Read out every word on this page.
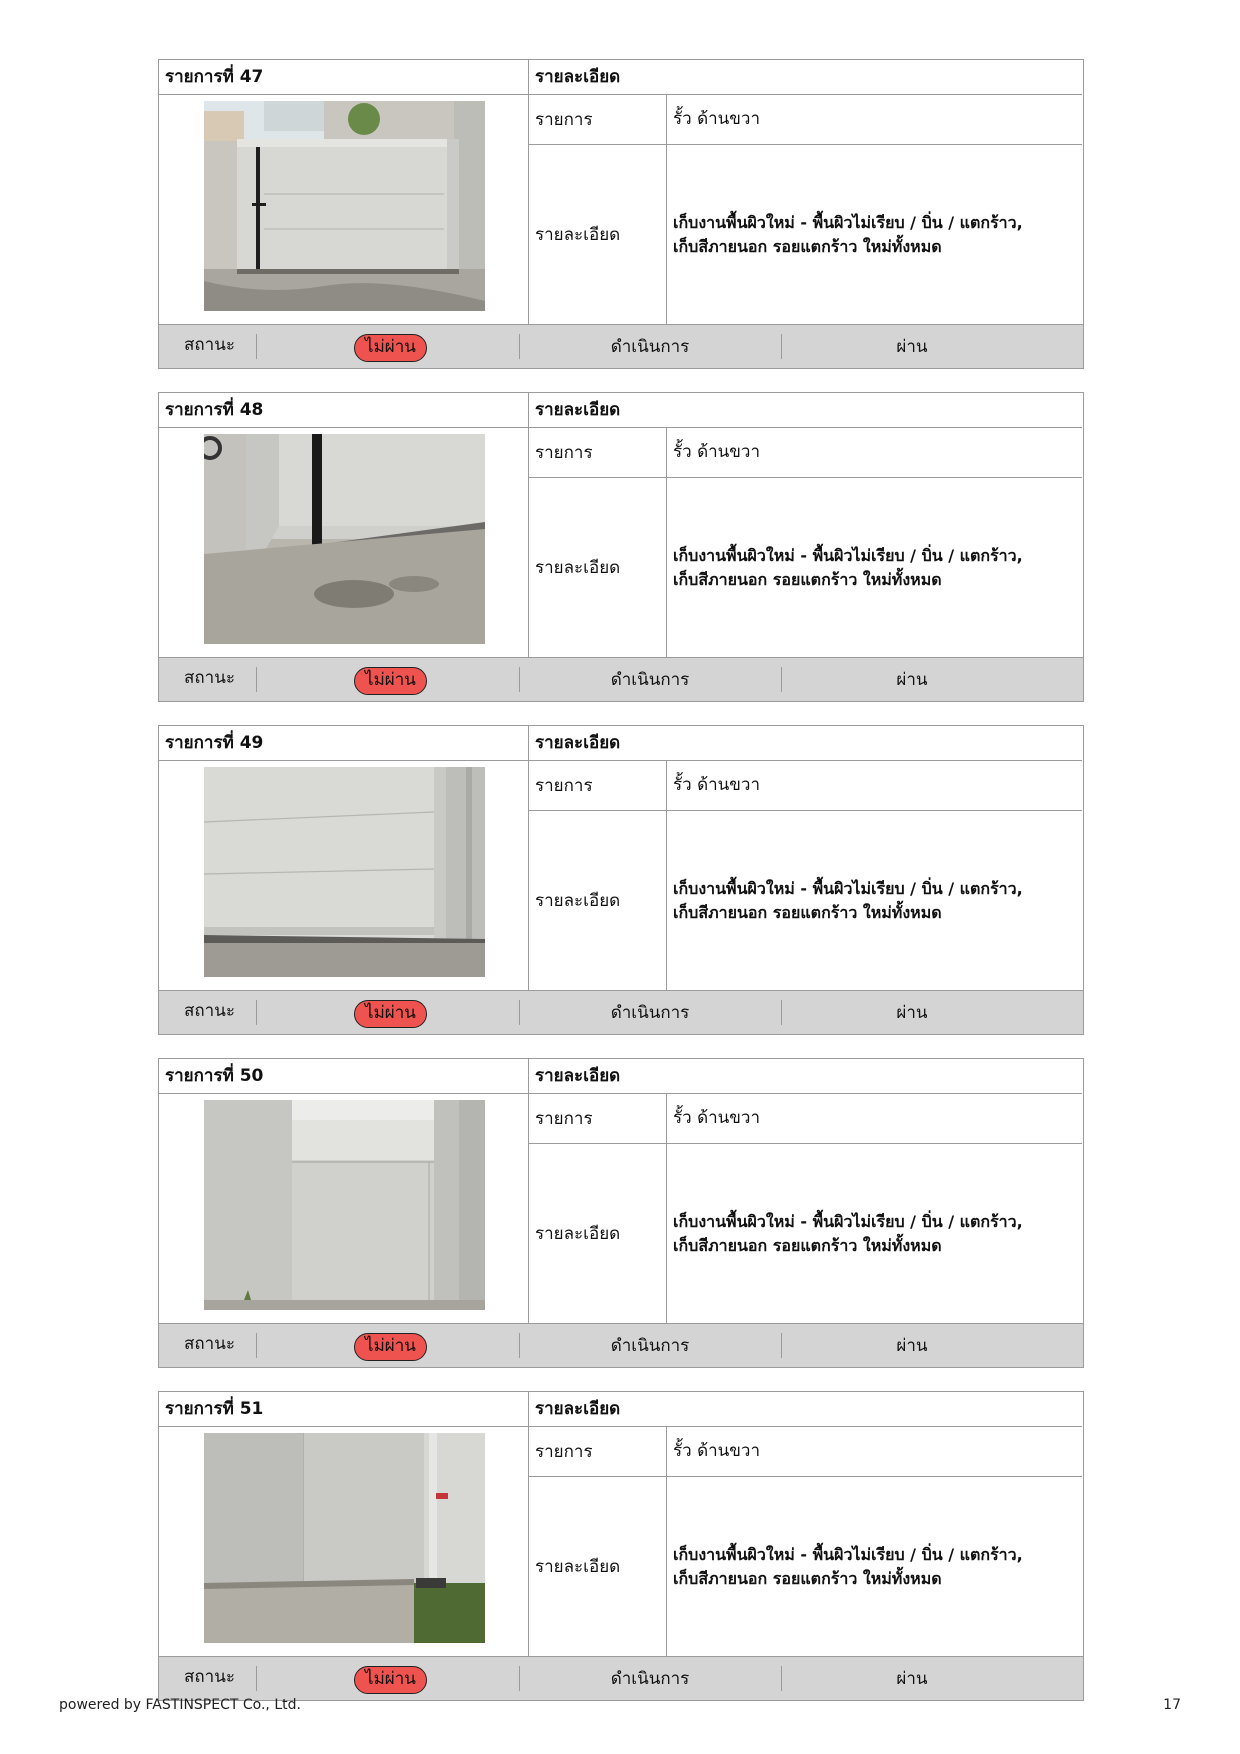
รายการที่ 47	รายละเอียด
รายการ	รั้ว ด้านขวา
รายละเอียด
เก็บงานพื้นผิวใหม่ - พื้นผิวไม่เรียบ / บิ่น / แตกร้าว,
เก็บสีภายนอก รอยแตกร้าว ใหม่ทั้งหมด
สถานะ	ไม่ผ่าน	ดำเนินการ	ผ่าน
รายการที่ 48	รายละเอียด
รายการ	รั้ว ด้านขวา
รายละเอียด
เก็บงานพื้นผิวใหม่ - พื้นผิวไม่เรียบ / บิ่น / แตกร้าว,
เก็บสีภายนอก รอยแตกร้าว ใหม่ทั้งหมด
สถานะ	ไม่ผ่าน	ดำเนินการ	ผ่าน
รายการที่ 49	รายละเอียด
รายการ	รั้ว ด้านขวา
รายละเอียด
เก็บงานพื้นผิวใหม่ - พื้นผิวไม่เรียบ / บิ่น / แตกร้าว,
เก็บสีภายนอก รอยแตกร้าว ใหม่ทั้งหมด
สถานะ	ไม่ผ่าน	ดำเนินการ	ผ่าน
รายการที่ 50	รายละเอียด
รายการ	รั้ว ด้านขวา
รายละเอียด
เก็บงานพื้นผิวใหม่ - พื้นผิวไม่เรียบ / บิ่น / แตกร้าว,
เก็บสีภายนอก รอยแตกร้าว ใหม่ทั้งหมด
สถานะ	ไม่ผ่าน	ดำเนินการ	ผ่าน
รายการที่ 51	รายละเอียด
รายการ	รั้ว ด้านขวา
รายละเอียด
เก็บงานพื้นผิวใหม่ - พื้นผิวไม่เรียบ / บิ่น / แตกร้าว,
เก็บสีภายนอก รอยแตกร้าว ใหม่ทั้งหมด
สถานะ	ไม่ผ่าน	ดำเนินการ	ผ่าน
powered by FASTINSPECT Co., Ltd.	17
